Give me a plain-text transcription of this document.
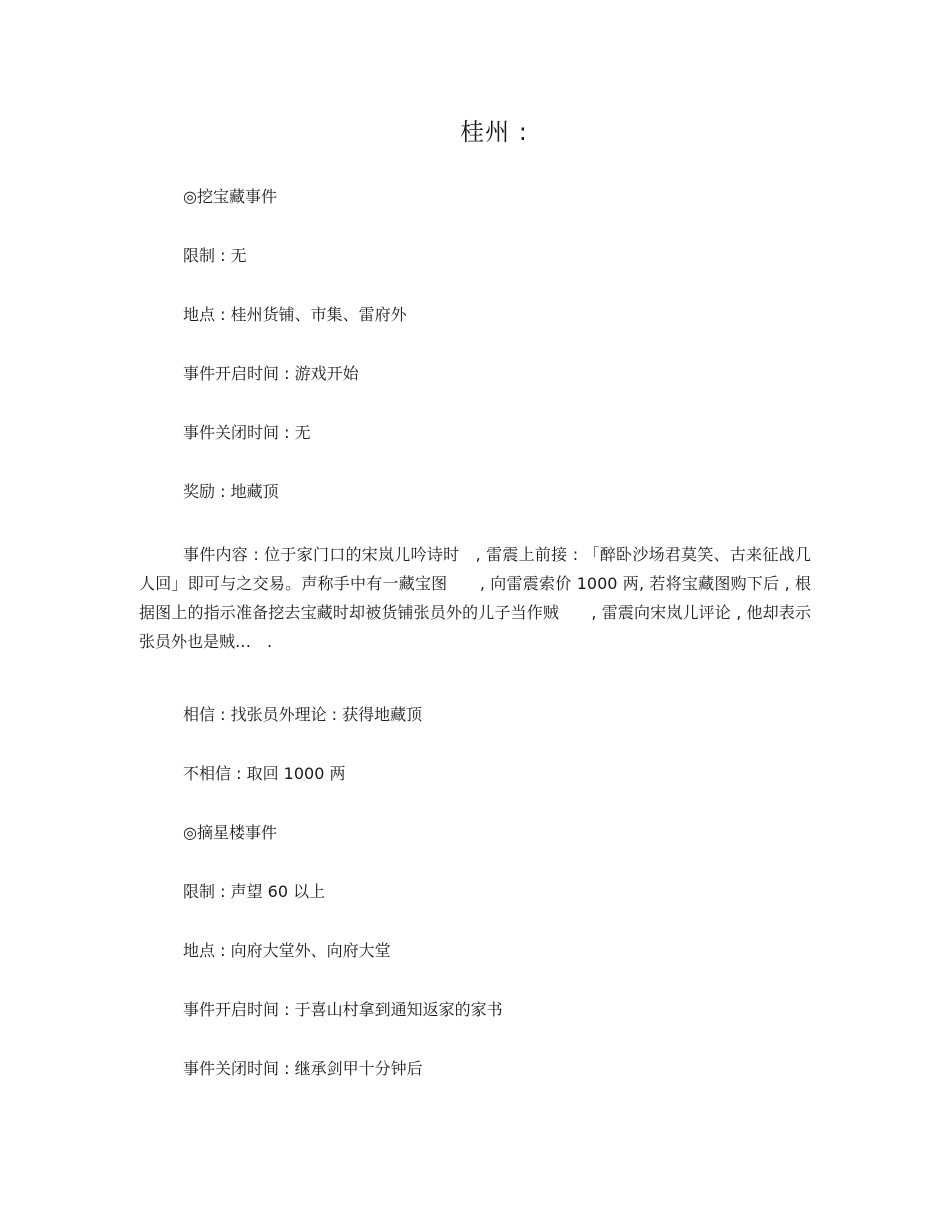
桂州 :
◎挖宝藏事件
限制 : 无
地点 : 桂州货铺、市集、雷府外
事件开启时间 : 游戏开始
事件关闭时间 : 无
奖励 : 地藏顶

事件内容 : 位于家门口的宋岚儿吟诗时　, 雷震上前接 : 「醉卧沙场君莫笑、古来征战几人回」即可与之交易。声称手中有一藏宝图　　, 向雷震索价 1000 两, 若将宝藏图购下后 , 根据图上的指示准备挖去宝藏时却被货铺张员外的儿子当作贼　　, 雷震向宋岚儿评论 , 他却表示张员外也是贼…　.

相信 : 找张员外理论 : 获得地藏顶
不相信 : 取回 1000 两
◎摘星楼事件
限制 : 声望 60 以上
地点 : 向府大堂外、向府大堂
事件开启时间 : 于喜山村拿到通知返家的家书
事件关闭时间 : 继承剑甲十分钟后
